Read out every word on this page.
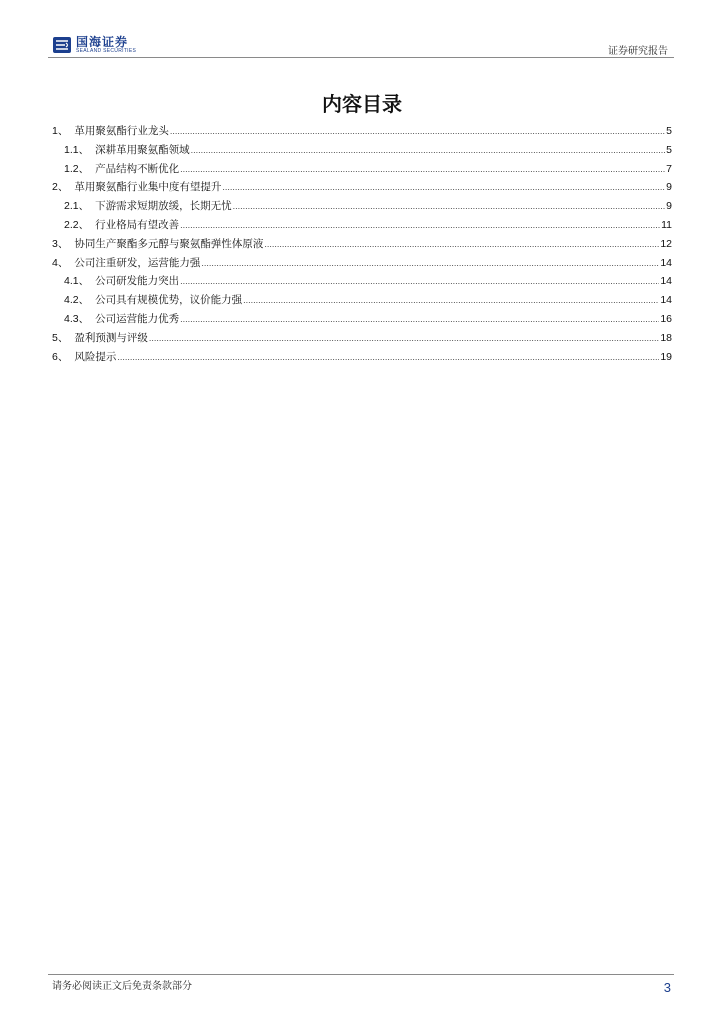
国海证券
SEALAND SECURITIES	证券研究报告
内容目录
1、 革用聚氨酯行业龙头 .....	5
1.1、 深耕革用聚氨酯领域 .....	5
1.2、 产品结构不断优化 .....	7
2、 革用聚氨酯行业集中度有望提升 .....	9
2.1、 下游需求短期放缓，长期无忧 .....	9
2.2、 行业格局有望改善 .....	11
3、 协同生产聚酯多元醇与聚氨酯弹性体原液 .....	12
4、 公司注重研发，运营能力强 .....	14
4.1、 公司研发能力突出 .....	14
4.2、 公司具有规模优势，议价能力强 .....	14
4.3、 公司运营能力优秀 .....	16
5、 盈利预测与评级 .....	18
6、 风险提示 .....	19
请务必阅读正文后免责条款部分	3
